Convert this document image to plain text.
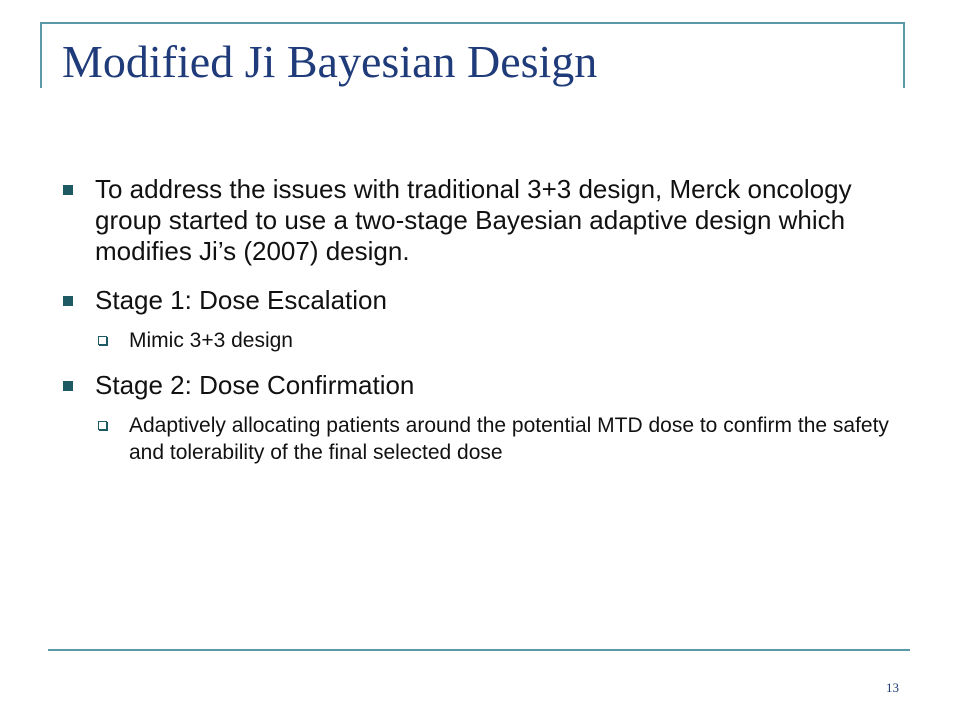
Modified Ji Bayesian Design
To address the issues with traditional 3+3 design, Merck oncology group started to use a two-stage Bayesian adaptive design which modifies Ji’s (2007) design.
Stage 1: Dose Escalation
Mimic 3+3 design
Stage 2: Dose Confirmation
Adaptively allocating patients around the potential MTD dose to confirm the safety and tolerability of the final selected dose
13
